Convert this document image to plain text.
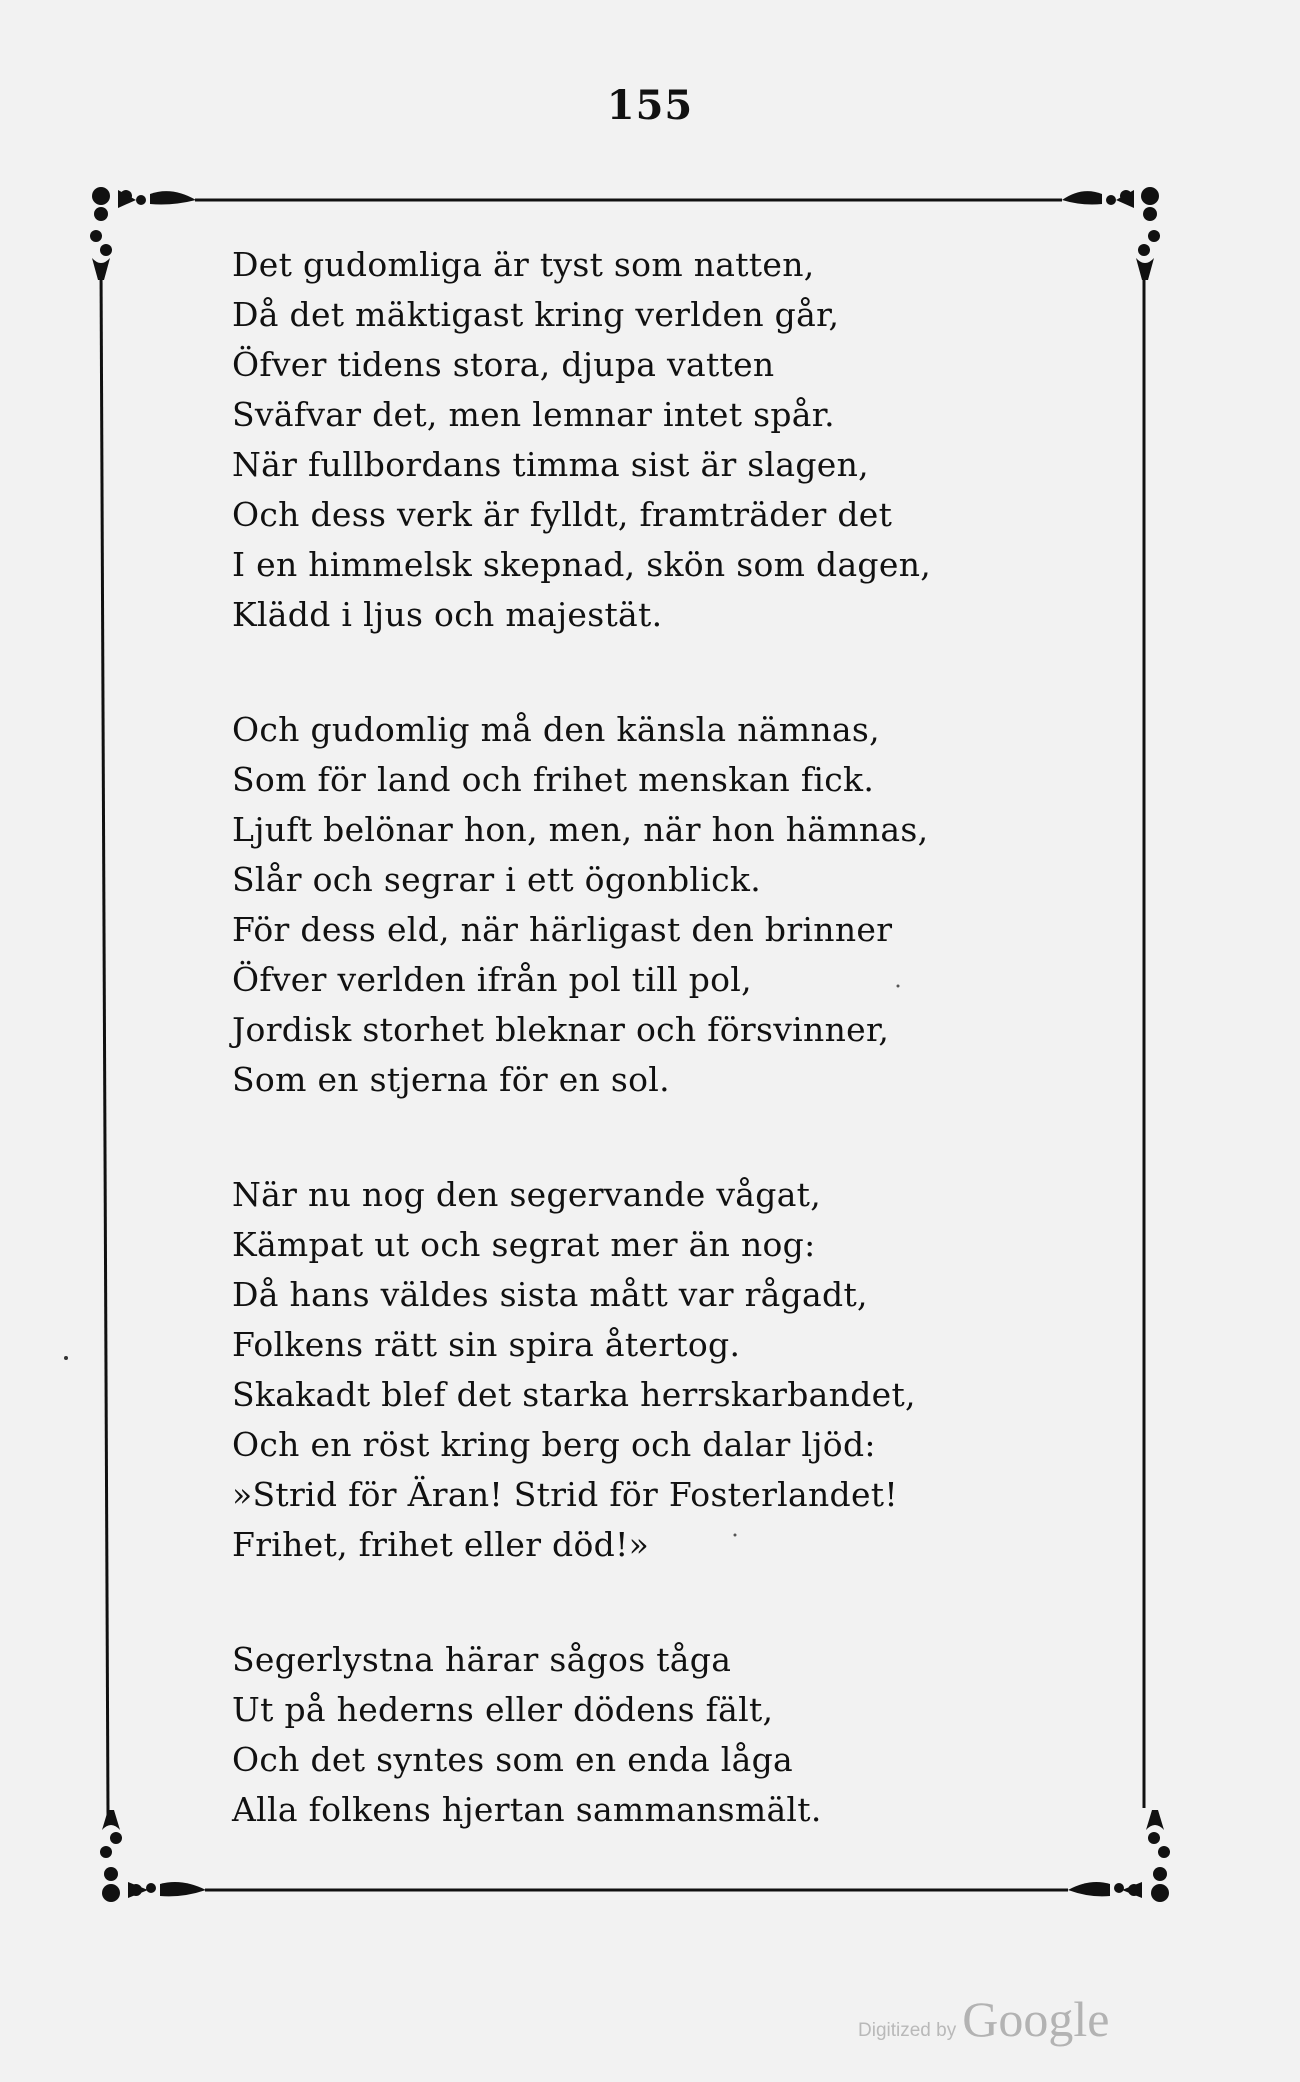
155
Det gudomliga är tyst som natten,
Då det mäktigast kring verlden går,
Öfver tidens stora, djupa vatten
Sväfvar det, men lemnar intet spår.
När fullbordans timma sist är slagen,
Och dess verk är fylldt, framträder det
I en himmelsk skepnad, skön som dagen,
Klädd i ljus och majestät.
Och gudomlig må den känsla nämnas,
Som för land och frihet menskan fick.
Ljuft belönar hon, men, när hon hämnas,
Slår och segrar i ett ögonblick.
För dess eld, när härligast den brinner
Öfver verlden ifrån pol till pol,
Jordisk storhet bleknar och försvinner,
Som en stjerna för en sol.
När nu nog den segervande vågat,
Kämpat ut och segrat mer än nog:
Då hans väldes sista mått var rågadt,
Folkens rätt sin spira återtog.
Skakadt blef det starka herrskarbandet,
Och en röst kring berg och dalar ljöd:
»Strid för Äran! Strid för Fosterlandet!
Frihet, frihet eller död!»
Segerlystna härar sågos tåga
Ut på hederns eller dödens fält,
Och det syntes som en enda låga
Alla folkens hjertan sammansmält.
Digitized by Google
